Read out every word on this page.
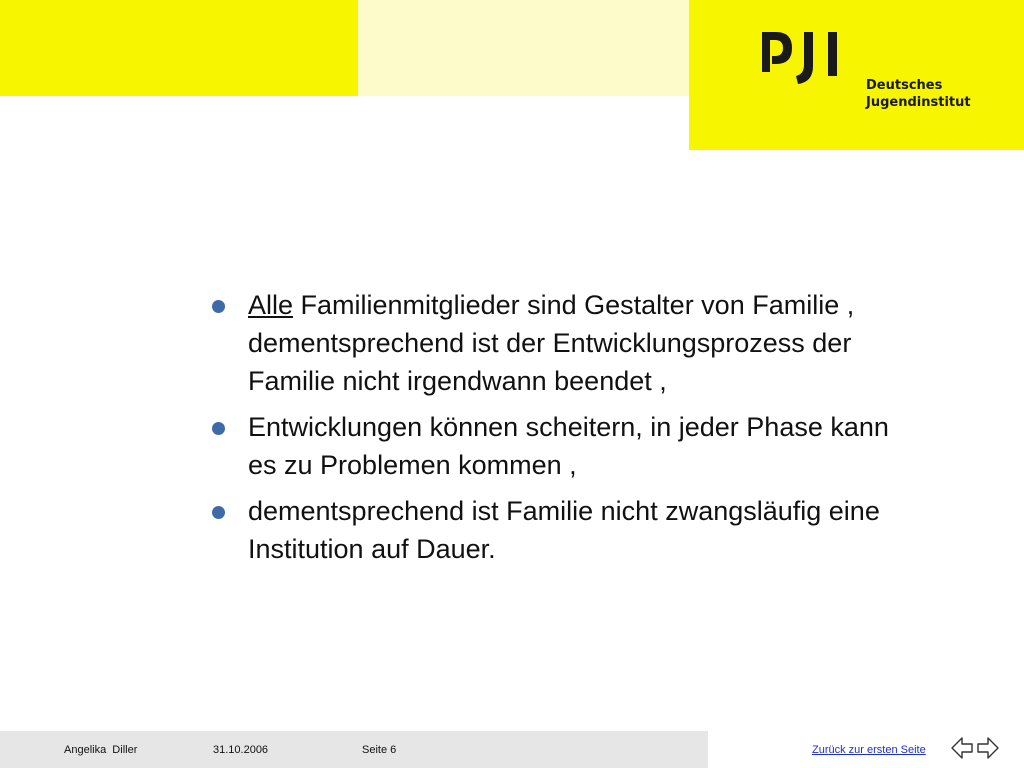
Deutsches
Jugendinstitut
Alle Familienmitglieder sind Gestalter von Familie , dementsprechend ist der Entwicklungsprozess der Familie nicht irgendwann beendet ,
Entwicklungen können scheitern, in jeder Phase kann es zu Problemen kommen ,
dementsprechend ist Familie nicht zwangsläufig eine Institution auf Dauer.
Angelika  Diller	31.10.2006	Seite 6	Zurück zur ersten Seite
